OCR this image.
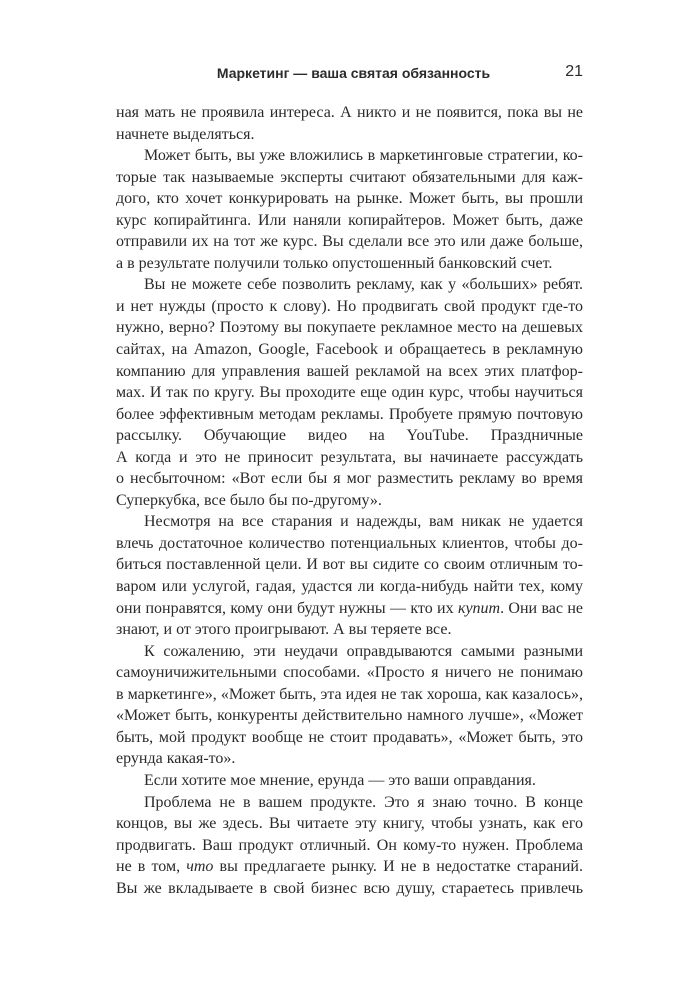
Маркетинг — ваша святая обязанность	21
ная мать не проявила интереса. А никто и не появится, пока вы не
начнете выделяться.
Может быть, вы уже вложились в маркетинговые стратегии, ко-
торые так называемые эксперты считают обязательными для каж-
дого, кто хочет конкурировать на рынке. Может быть, вы прошли
курс копирайтинга. Или наняли копирайтеров. Может быть, даже
отправили их на тот же курс. Вы сделали все это или даже больше,
а в результате получили только опустошенный банковский счет.
Вы не можете себе позволить рекламу, как у «больших» ребят.
и нет нужды (просто к слову). Но продвигать свой продукт где-то
нужно, верно? Поэтому вы покупаете рекламное место на дешевых
сайтах, на Amazon, Google, Facebook и обращаетесь в рекламную
компанию для управления вашей рекламой на всех этих платфор-
мах. И так по кругу. Вы проходите еще один курс, чтобы научиться
более эффективным методам рекламы. Пробуете прямую почтовую
рассылку. Обучающие видео на YouTube. Праздничные
А когда и это не приносит результата, вы начинаете рассуждать
о несбыточном: «Вот если бы я мог разместить рекламу во время
Суперкубка, все было бы по-другому».
Несмотря на все старания и надежды, вам никак не удается
влечь достаточное количество потенциальных клиентов, чтобы до-
биться поставленной цели. И вот вы сидите со своим отличным то-
варом или услугой, гадая, удастся ли когда-нибудь найти тех, кому
они понравятся, кому они будут нужны — кто их купит. Они вас не
знают, и от этого проигрывают. А вы теряете все.
К сожалению, эти неудачи оправдываются самыми разными
самоуничижительными способами. «Просто я ничего не понимаю
в маркетинге», «Может быть, эта идея не так хороша, как казалось»,
«Может быть, конкуренты действительно намного лучше», «Может
быть, мой продукт вообще не стоит продавать», «Может быть, это
ерунда какая-то».
Если хотите мое мнение, ерунда — это ваши оправдания.
Проблема не в вашем продукте. Это я знаю точно. В конце
концов, вы же здесь. Вы читаете эту книгу, чтобы узнать, как его
продвигать. Ваш продукт отличный. Он кому-то нужен. Проблема
не в том, что вы предлагаете рынку. И не в недостатке стараний.
Вы же вкладываете в свой бизнес всю душу, стараетесь привлечь
